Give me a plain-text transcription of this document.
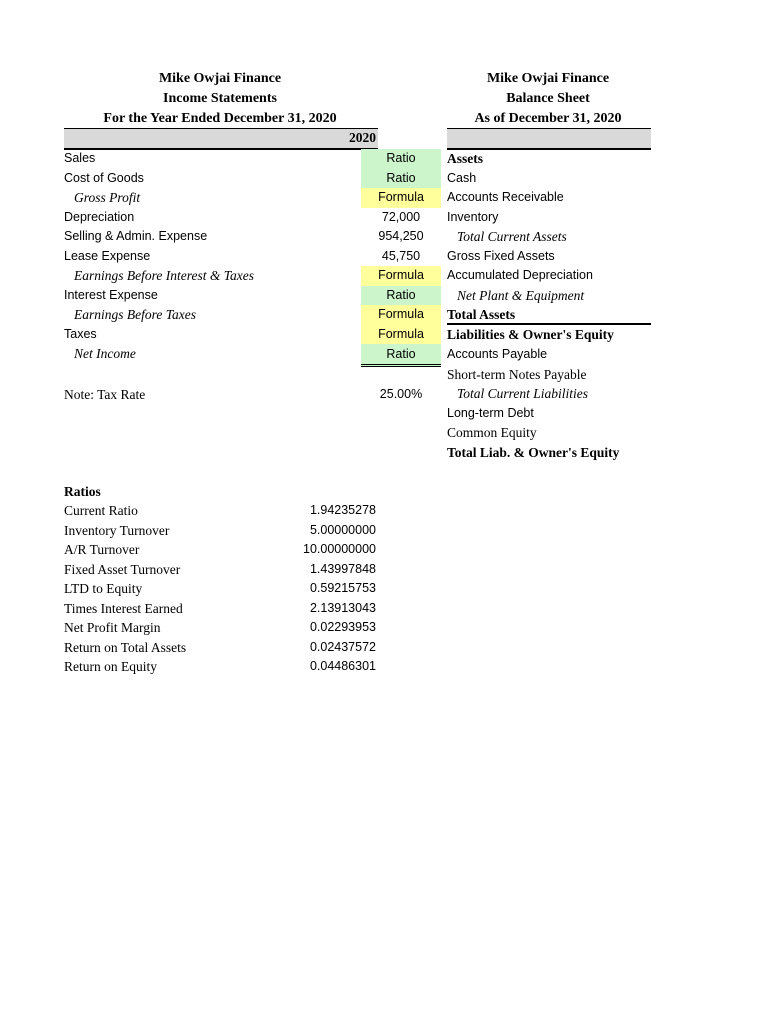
Mike Owjai Finance
Income Statements
For the Year Ended December 31, 2020
2020
Sales	Ratio
Cost of Goods	Ratio
Gross Profit	Formula
Depreciation	72,000
Selling & Admin. Expense	954,250
Lease Expense	45,750
Earnings Before Interest & Taxes	Formula
Interest Expense	Ratio
Earnings Before Taxes	Formula
Taxes	Formula
Net Income	Ratio
Note: Tax Rate	25.00%
Mike Owjai Finance
Balance Sheet
As of December 31, 2020
Assets
Cash
Accounts Receivable
Inventory
Total Current Assets
Gross Fixed Assets
Accumulated Depreciation
Net Plant & Equipment
Total Assets
Liabilities & Owner's Equity
Accounts Payable
Short-term Notes Payable
Total Current Liabilities
Long-term Debt
Common Equity
Total Liab. & Owner's Equity
Ratios
Current Ratio	1.94235278
Inventory Turnover	5.00000000
A/R Turnover	10.00000000
Fixed Asset Turnover	1.43997848
LTD to Equity	0.59215753
Times Interest Earned	2.13913043
Net Profit Margin	0.02293953
Return on Total Assets	0.02437572
Return on Equity	0.04486301
